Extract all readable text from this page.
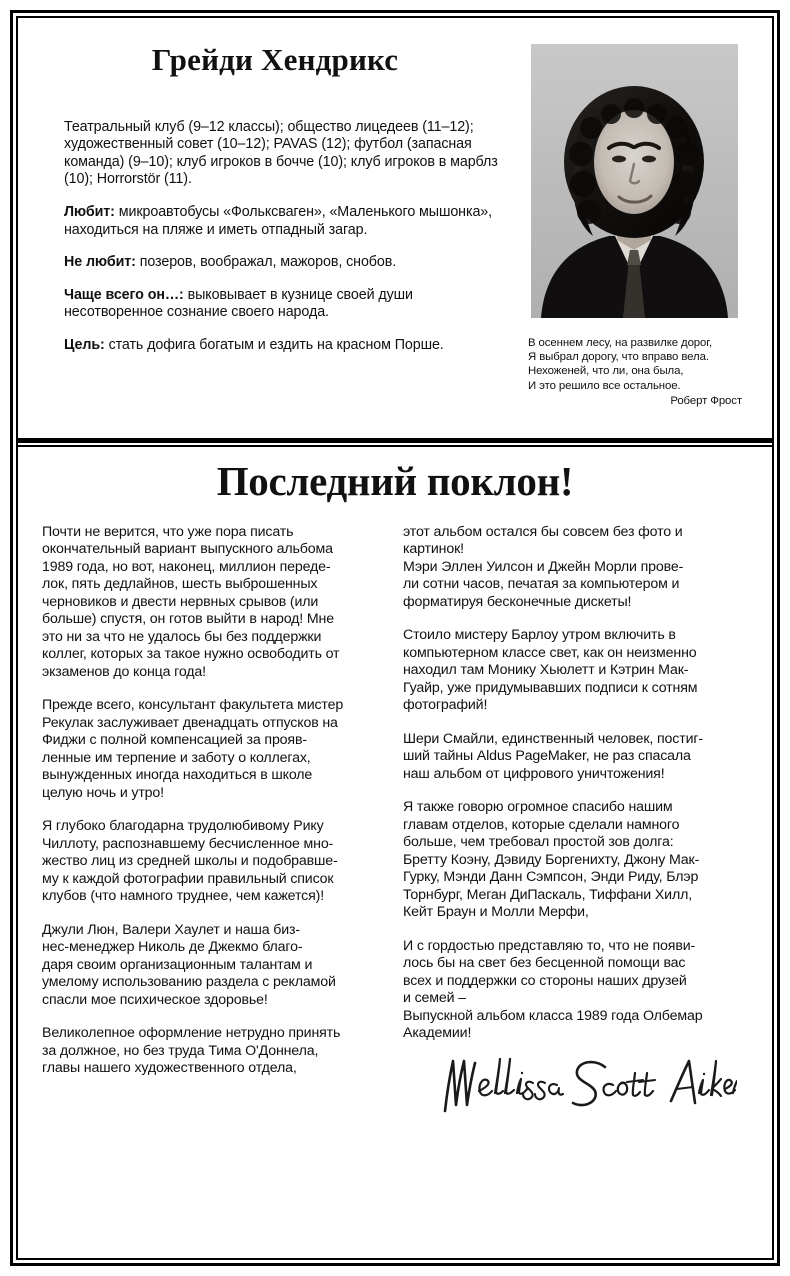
Грейди Хендрикс

Театральный клуб (9–12 классы); общество лицедеев (11–12); художественный совет (10–12); PAVAS (12); футбол (запасная команда) (9–10); клуб игроков в бочче (10); клуб игроков в марблз (10); Horrorstör (11).

Любит: микроавтобусы «Фольксваген», «Маленького мышонка», находиться на пляже и иметь отпадный загар.

Не любит: позеров, воображал, мажоров, снобов.

Чаще всего он…: выковывает в кузнице своей души несотворенное сознание своего народа.

Цель: стать дофига богатым и ездить на красном Порше.	В осеннем лесу, на развилке дорог,
Я выбрал дорогу, что вправо вела.
Нехоженей, что ли, она была,
И это решило все остальное.
Роберт Фрост
Последний поклон!

Почти не верится, что уже пора писать
окончательный вариант выпускного альбома
1989 года, но вот, наконец, миллион переде-
лок, пять дедлайнов, шесть выброшенных
черновиков и двести нервных срывов (или
больше) спустя, он готов выйти в народ! Мне
это ни за что не удалось бы без поддержки
коллег, которых за такое нужно освободить от
экзаменов до конца года!

Прежде всего, консультант факультета мистер
Рекулак заслуживает двенадцать отпусков на
Фиджи с полной компенсацией за прояв-
ленные им терпение и заботу о коллегах,
вынужденных иногда находиться в школе
целую ночь и утро!

Я глубоко благодарна трудолюбивому Рику
Чиллоту, распознавшему бесчисленное мно-
жество лиц из средней школы и подобравше-
му к каждой фотографии правильный список
клубов (что намного труднее, чем кажется)!

Джули Люн, Валери Хаулет и наша биз-
нес-менеджер Николь де Джекмо благо-
даря своим организационным талантам и
умелому использованию раздела с рекламой
спасли мое психическое здоровье!

Великолепное оформление нетрудно принять
за должное, но без труда Тима О'Доннела,
главы нашего художественного отдела,

этот альбом остался бы совсем без фото и
картинок!
Мэри Эллен Уилсон и Джейн Морли прове-
ли сотни часов, печатая за компьютером и
форматируя бесконечные дискеты!

Стоило мистеру Барлоу утром включить в
компьютерном классе свет, как он неизменно
находил там Монику Хьюлетт и Кэтрин Мак-
Гуайр, уже придумывавших подписи к сотням
фотографий!

Шери Смайли, единственный человек, постиг-
ший тайны Aldus PageMaker, не раз спасала
наш альбом от цифрового уничтожения!

Я также говорю огромное спасибо нашим
главам отделов, которые сделали намного
больше, чем требовал простой зов долга:
Бретту Коэну, Дэвиду Боргенихту, Джону Мак-
Гурку, Мэнди Данн Сэмпсон, Энди Риду, Блэр
Торнбург, Меган ДиПаскаль, Тиффани Хилл,
Кейт Браун и Молли Мерфи,

И с гордостью представляю то, что не появи-
лось бы на свет без бесценной помощи вас
всех и поддержки со стороны наших друзей
и семей –
Выпускной альбом класса 1989 года Олбемар
Академии!
